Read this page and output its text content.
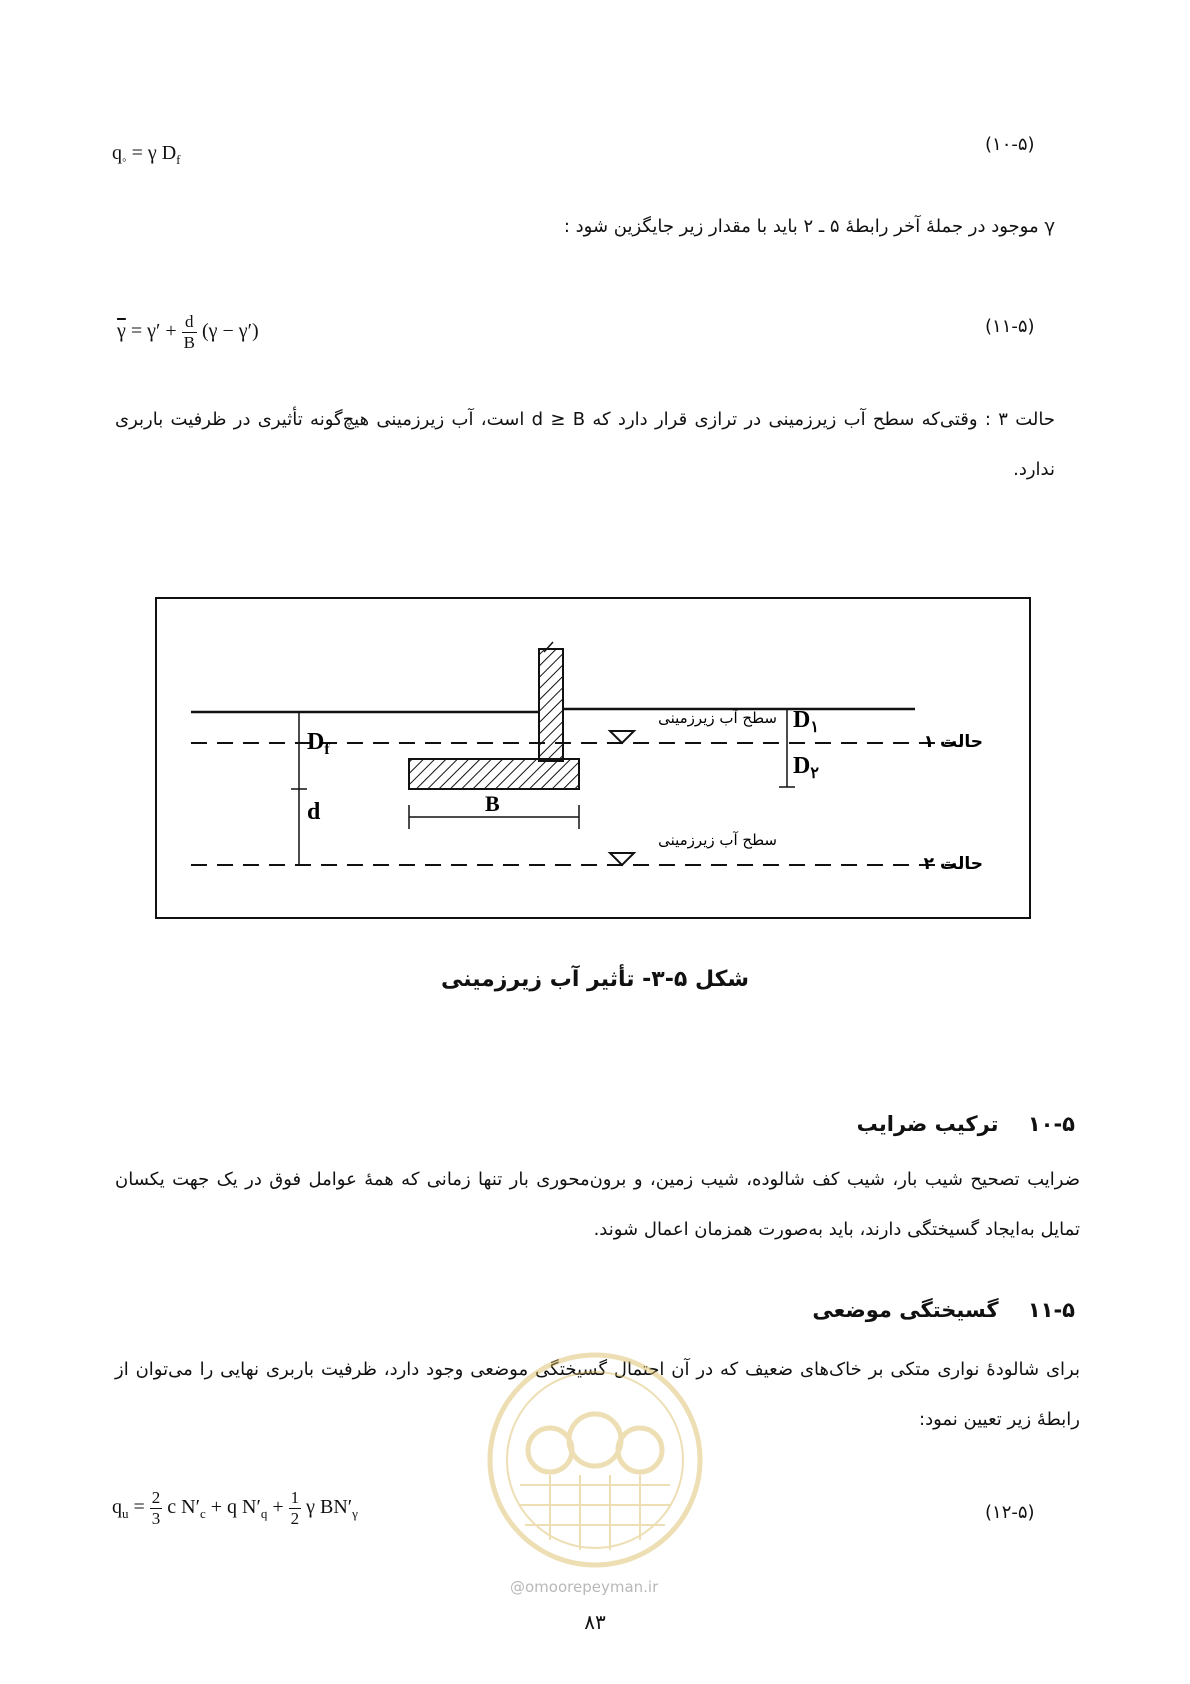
$q_◦ = \gamma$ $D_f$
(۱۰-۵)
γ موجود در جملهٔ آخر رابطهٔ ۵ ـ ۲ باید با مقدار زیر جایگزین شود :
$\overline{\gamma} = \gamma' + \frac{d}{B} (\gamma - \gamma')$	(۱۱-۵)
حالت ۳ : وقتی‌که سطح آب زیرزمینی در ترازی قرار دارد که d ≥ B است، آب زیرزمینی هیچ‌گونه تأثیری در ظرفیت باربری ندارد.
$D_f$
d	B
$D_۱$
$D_۲$
سطح آب زیرزمینی
سطح آب زیرزمینی
حالت ۱
حالت ۲
شکل ۵-۳- تأثیر آب زیرزمینی
۱۰-۵    ترکیب ضرایب
ضرایب تصحیح شیب بار، شیب کف شالوده، شیب زمین، و برون‌محوری بار تنها زمانی که همهٔ عوامل فوق در یک جهت یکسان تمایل به‌ایجاد گسیختگی دارند، باید به‌صورت همزمان اعمال شوند.
۱۱-۵    گسیختگی موضعی
برای شالودهٔ نواری متکی بر خاک‌های ضعیف که در آن احتمال گسیختگی موضعی وجود دارد، ظرفیت باربری نهایی را می‌توان از رابطهٔ زیر تعیین نمود:
@omoorepeyman.ir
$q_u = \frac{2}{3}$ c $N'_c + q$ $N'_q + \frac{1}{2}$ γ $BN'_\gamma$	(۱۲-۵)
۸۳
